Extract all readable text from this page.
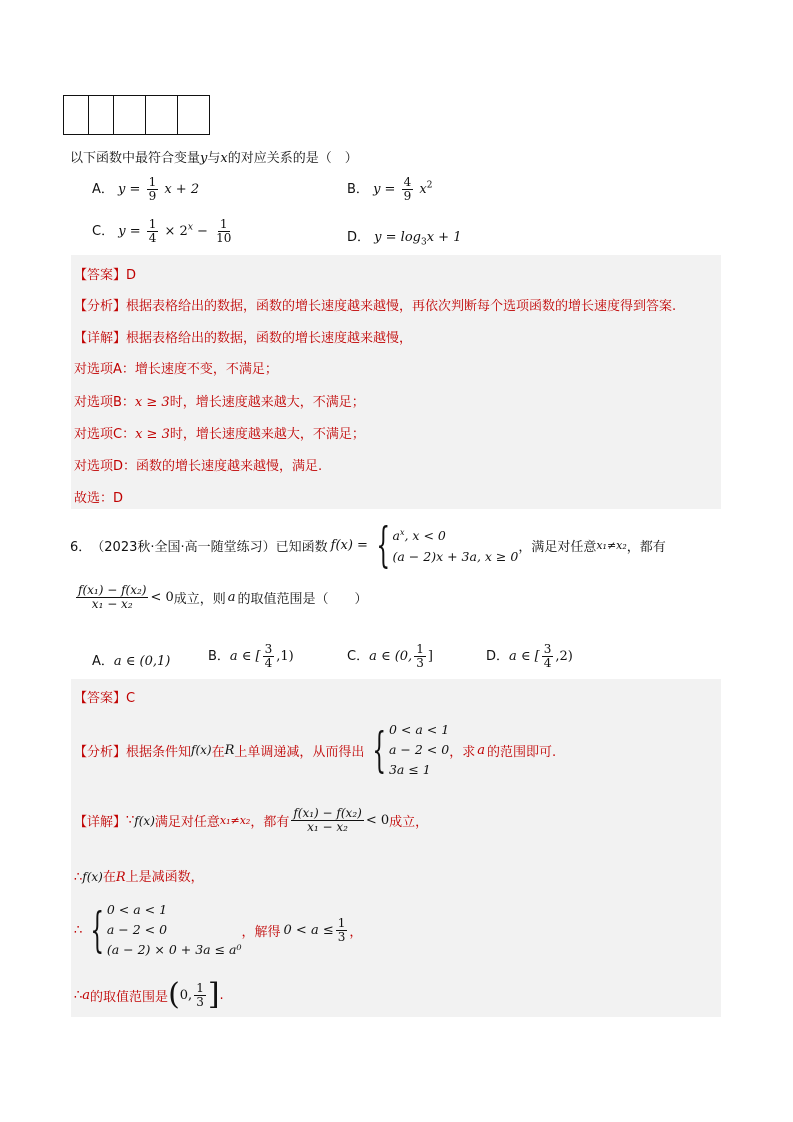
以下函数中最符合变量y与x的对应关系的是（　）
A． $y = \frac{1}{9}$ x + 2	B． $y = \frac{4}{9} x^2$
C． $y = \frac{1}{4} \times 2^x - \frac{1}{10}$	D． $y = \log_3x + 1$
【答案】D
【分析】根据表格给出的数据，函数的增长速度越来越慢，再依次判断每个选项函数的增长速度得到答案.
【详解】根据表格给出的数据，函数的增长速度越来越慢，
对选项A：增长速度不变，不满足；
对选项B：x ≥ 3时，增长速度越来越大，不满足；
对选项C：x ≥ 3时，增长速度越来越大，不满足；
对选项D：函数的增长速度越来越慢，满足.
故选：D
6． （2023秋·全国·高一随堂练习）已知函数 f(x) = { $a^x$, x < 0
(a − 2)x + 3a, x ≥ 0
，满足对任意 x₁≠x₂ ，都有
$\frac{\text{f(x₁) − f(x₂)}}{\text{x₁ − x₂}} < 0$ 成立，则 a 的取值范围是（　　）
A．a ∈ (0,1)	B．a ∈ [ $\frac{3}{4} ,1$)	C．a ∈ (0, $\frac{1}{3}$ ]	D．a ∈ [ $\frac{3}{4} ,2$)
【答案】C
【分析】 根据条件知 f(x) 在 R 上单调递减，从而得出 { 0 < a < 1
a − 2 < 0
3a ≤ 1
，求 a 的范围即可.
【详解】 ∵ f(x) 满足对任意 x₁≠x₂ ，都有 $\frac{\text{f(x₁) − f(x₂)}}{\text{x₁ − x₂}} < 0$ 成立，
∴f(x)在R上是减函数，
∴ { 0 < a < 1
a − 2 < 0
(a − 2) × 0 + 3a ≤ a⁰
，解得 $0 < a \le \frac{1}{3}$ ，
∴ a 的取值范围是 ( 0, $\frac{1}{3}$ ] .
